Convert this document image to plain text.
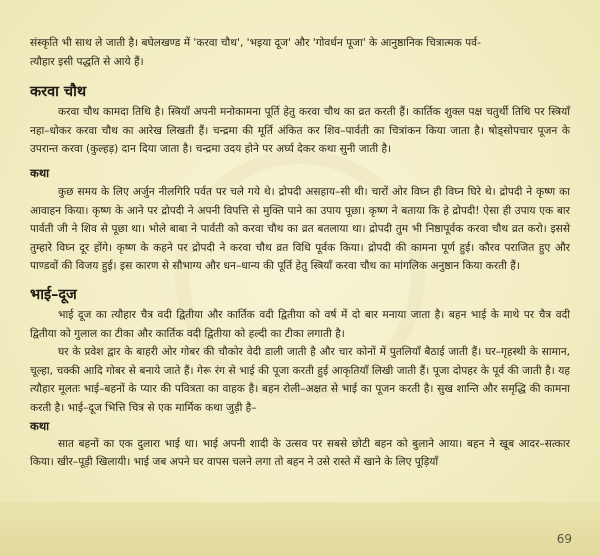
संस्कृति भी साथ ले जाती है। बघेलखण्ड में 'करवा चौथ', 'भइया दूज' और 'गोवर्धन पूजा' के आनुष्ठानिक चित्रात्मक पर्व-

त्यौहार इसी पद्धति से आये हैं।

करवा चौथ

करवा चौथ कामदा तिथि है। स्त्रियाँ अपनी मनोकामना पूर्ति हेतु करवा चौथ का व्रत करती हैं। कार्तिक शुक्ल पक्ष चतुर्थी तिथि पर स्त्रियाँ नहा–धोकर करवा चौथ का आरेख लिखती हैं। चन्द्रमा की मूर्ति अंकित कर शिव–पार्वती का चित्रांकन किया जाता है। षोड्सोपचार पूजन के उपरान्त करवा (कुल्हड़) दान दिया जाता है। चन्द्रमा उदय होने पर अर्घ्य देकर कथा सुनी जाती है।

कथा

कुछ समय के लिए अर्जुन नीलगिरि पर्वत पर चले गये थे। द्रोपदी असहाय–सी थी। चारों ओर विघ्न ही विघ्न घिरे थे। द्रोपदी ने कृष्ण का आवाहन किया। कृष्ण के आने पर द्रोपदी ने अपनी विपत्ति से मुक्ति पाने का उपाय पूछा। कृष्ण ने बताया कि हे द्रोपदी! ऐसा ही उपाय एक बार पार्वती जी ने शिव से पूछा था। भोले बाबा ने पार्वती को करवा चौथ का व्रत बतलाया था। द्रोपदी तुम भी निष्ठापूर्वक करवा चौथ व्रत करो। इससे तुम्हारे विघ्न दूर होंगे। कृष्ण के कहने पर द्रोपदी ने करवा चौथ व्रत विधि पूर्वक किया। द्रोपदी की कामना पूर्ण हुई। कौरव पराजित हुए और पाण्डवों की विजय हुई। इस कारण से सौभाग्य और धन–धान्य की पूर्ति हेतु स्त्रियाँ करवा चौथ का मांगलिक अनुष्ठान किया करती हैं।

भाई–दूज

भाई दूज का त्यौहार चैत्र वदी द्वितीया और कार्तिक वदी द्वितीया को वर्ष में दो बार मनाया जाता है। बहन भाई के माथे पर चैत्र वदी द्वितीया को गुलाल का टीका और कार्तिक वदी द्वितीया को हल्दी का टीका लगाती है।

घर के प्रवेश द्वार के बाहरी ओर गोबर की चौकोर वेदी डाली जाती है और चार कोनों में पुतलियाँ बैठाई जाती हैं। घर–गृहस्थी के सामान, चूल्हा, चक्की आदि गोबर से बनाये जाते हैं। गेरू रंग से भाई की पूजा करती हुई आकृतियाँ लिखी जाती हैं। पूजा दोपहर के पूर्व की जाती है। यह त्यौहार मूलतः भाई–बहनों के प्यार की पवित्रता का वाहक है। बहन रोली–अक्षत से भाई का पूजन करती है। सुख शान्ति और समृद्धि की कामना करती है। भाई–दूज भित्ति चित्र से एक मार्मिक कथा जुड़ी है–

कथा

सात बहनों का एक दुलारा भाई था। भाई अपनी शादी के उत्सव पर सबसे छोटी बहन को बुलाने आया। बहन ने खूब आदर–सत्कार किया। खीर–पूड़ी खिलायी। भाई जब अपने घर वापस चलने लगा तो बहन ने उसे रास्ते में खाने के लिए पूड़ियाँ

69
